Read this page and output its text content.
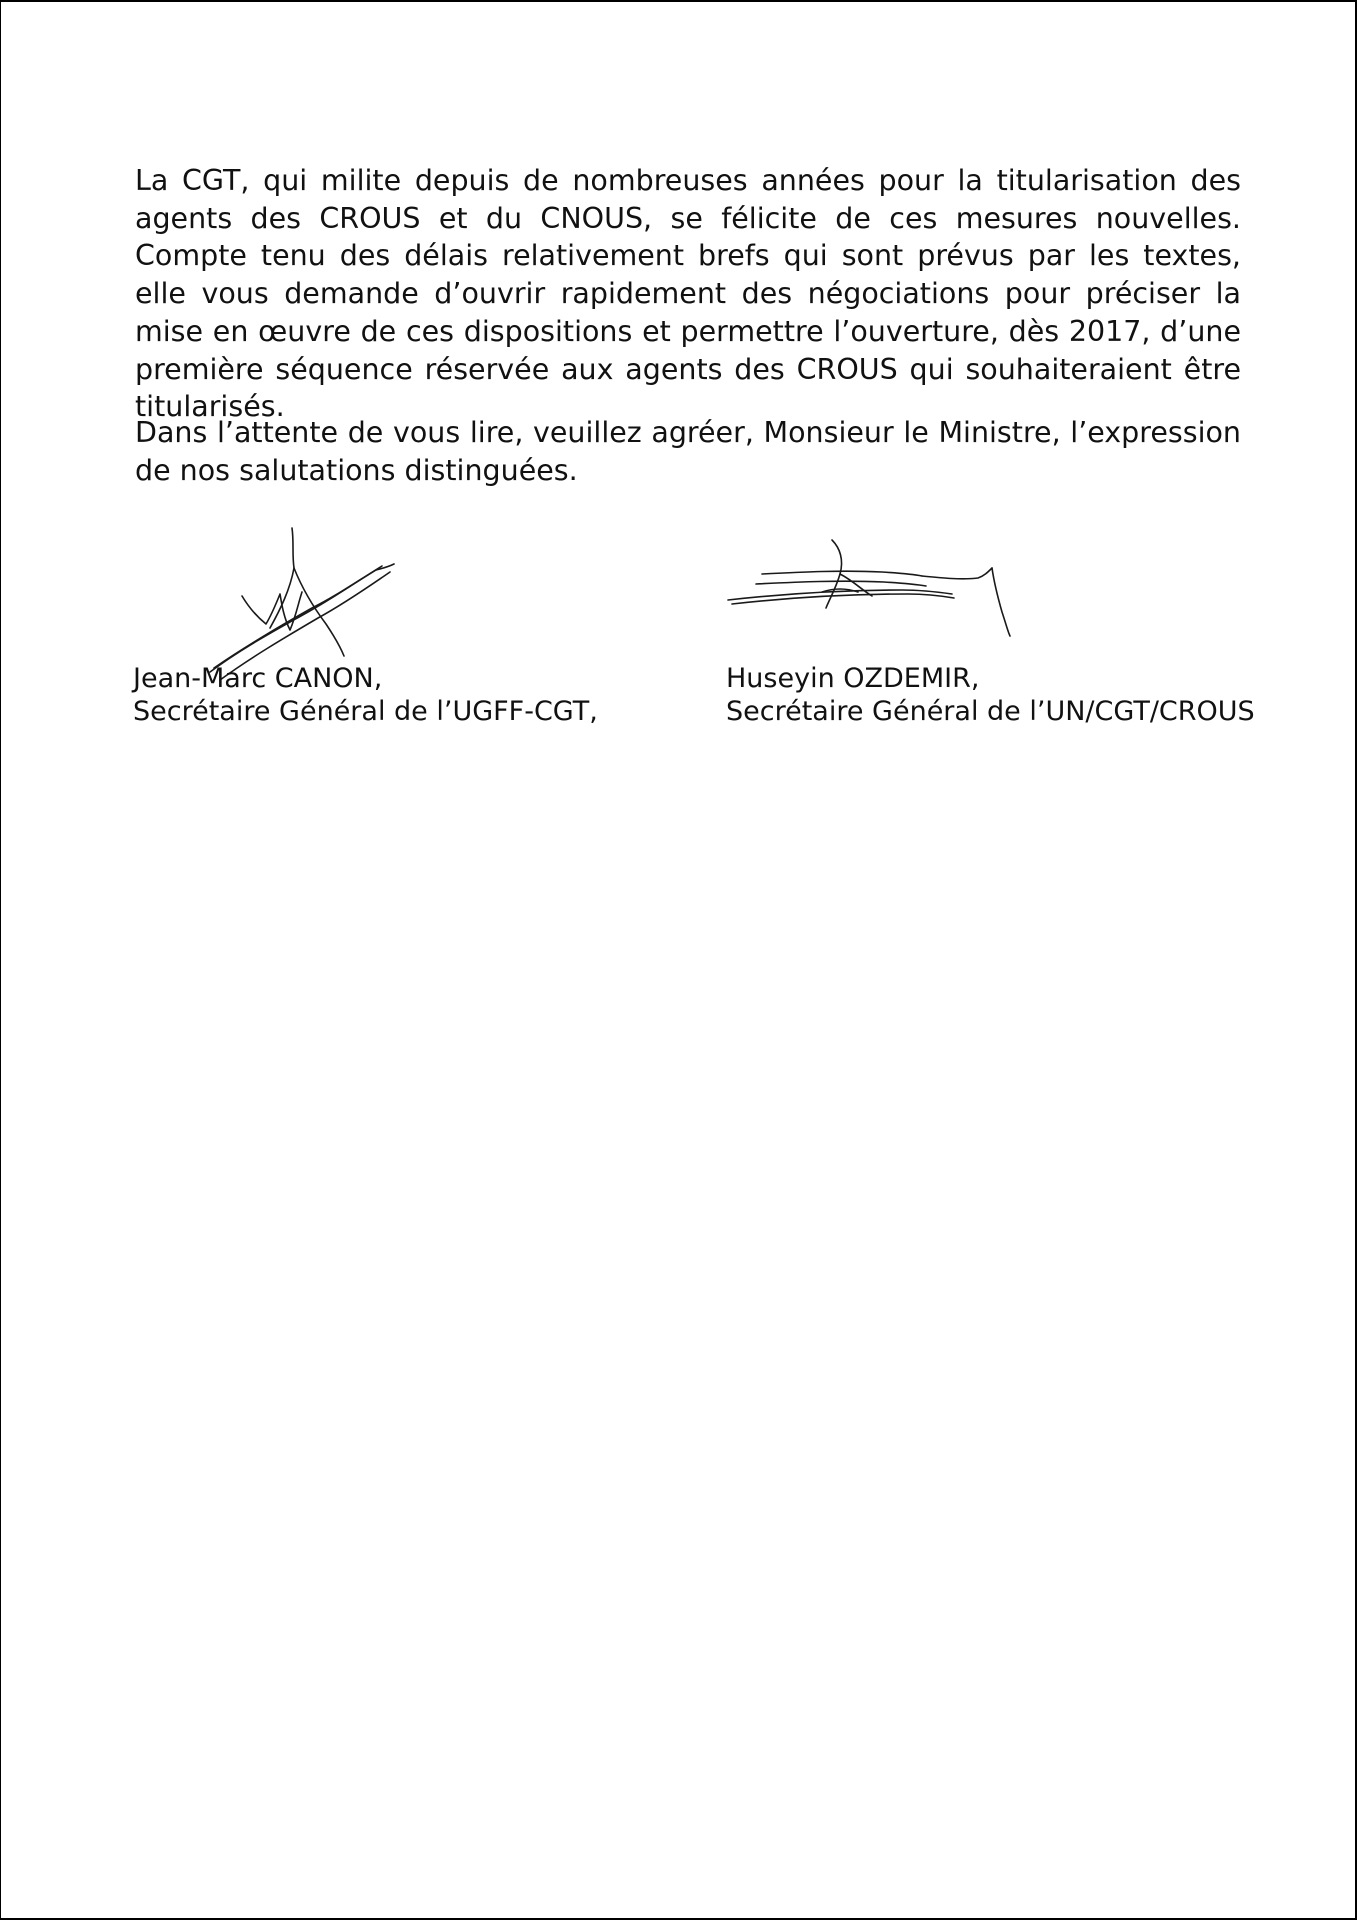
La CGT, qui milite depuis de nombreuses années pour la titularisation des agents des CROUS et du CNOUS, se félicite de ces mesures nouvelles. Compte tenu des délais relativement brefs qui sont prévus par les textes, elle vous demande d’ouvrir rapidement des négociations pour préciser la mise en œuvre de ces dispositions et permettre l’ouverture, dès 2017, d’une première séquence réservée aux agents des CROUS qui souhaiteraient être titularisés.

Dans l’attente de vous lire, veuillez agréer, Monsieur le Ministre, l’expression de nos salutations distinguées.

Jean-Marc CANON,
Secrétaire Général de l’UGFF-CGT,
Huseyin OZDEMIR,
Secrétaire Général de l’UN/CGT/CROUS
